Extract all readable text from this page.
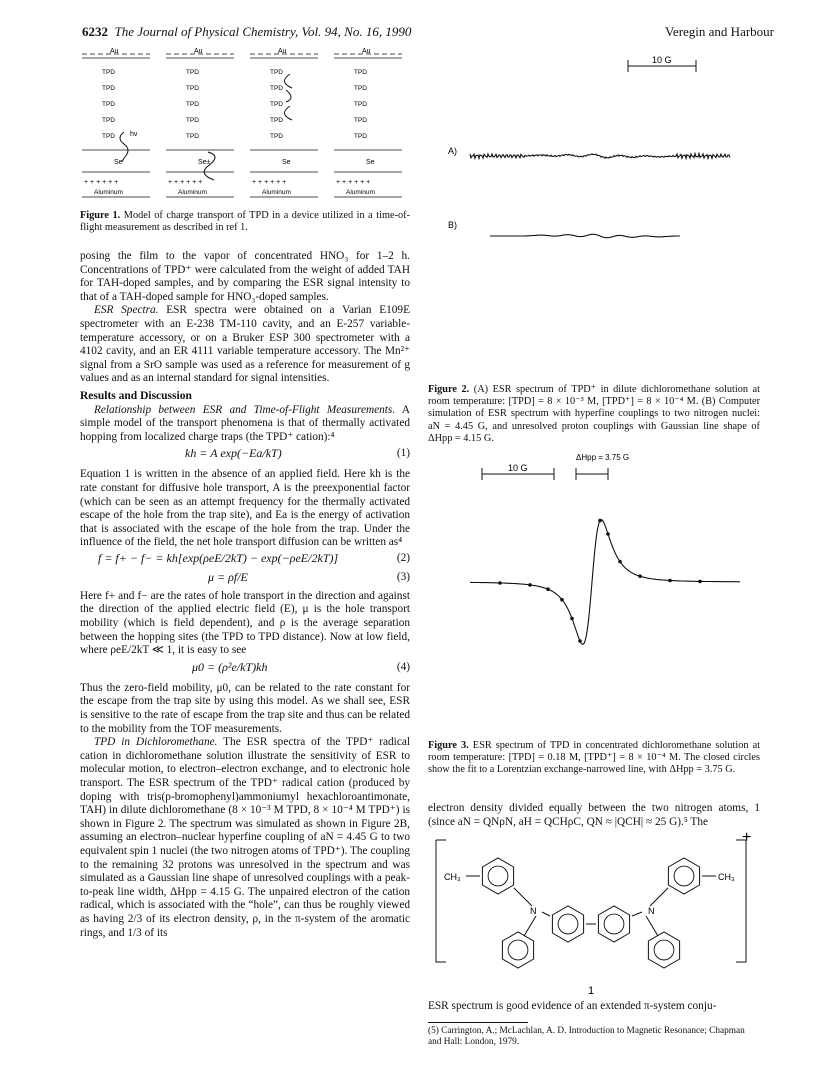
6232 The Journal of Physical Chemistry, Vol. 94, No. 16, 1990	Veregin and Harbour
Au
TPD
TPD
TPD
TPD
TPD
Se
+ + + + + +
Aluminum
Au
TPD
TPD
TPD
TPD
TPD
Se±
+ + + + + +
Aluminum
Au
TPD
TPD
TPD
TPD
TPD
Se
+ + + + + +
Aluminum
Au
TPD
TPD
TPD
TPD
TPD
Se
+ + + + + +
Aluminum
hν
Figure 1. Model of charge transport of TPD in a device utilized in a time-of-flight measurement as described in ref 1.

posing the film to the vapor of concentrated HNO₃ for 1–2 h. Concentrations of TPD⁺ were calculated from the weight of added TAH for TAH-doped samples, and by comparing the ESR signal intensity to that of a TAH-doped sample for HNO₃-doped samples.

ESR Spectra. ESR spectra were obtained on a Varian E109E spectrometer with an E-238 TM-110 cavity, and an E-257 variable-temperature accessory, or on a Bruker ESP 300 spectrometer with a 4102 cavity, and an ER 4111 variable temperature accessory. The Mn²⁺ signal from a SrO sample was used as a reference for measurement of g values and as an internal standard for signal intensities.

Results and Discussion

Relationship between ESR and Time-of-Flight Measurements. A simple model of the transport phenomena is that of thermally activated hopping from localized charge traps (the TPD⁺ cation):⁴

kh = A exp(−Ea/kT)	(1)

Equation 1 is written in the absence of an applied field. Here kh is the rate constant for diffusive hole transport, A is the preexponential factor (which can be seen as an attempt frequency for the thermally activated escape of the hole from the trap site), and Ea is the energy of activation that is associated with the escape of the hole from the trap. Under the influence of the field, the net hole transport diffusion can be written as⁴

f = f+ − f− = kh[exp(ρeE/2kT) − exp(−ρeE/2kT)]	(2)
μ = ρf/E	(3)

Here f+ and f− are the rates of hole transport in the direction and against the direction of the applied electric field (E), μ is the hole transport mobility (which is field dependent), and ρ is the average separation between the hopping sites (the TPD to TPD distance). Now at low field, where ρeE/2kT ≪ 1, it is easy to see

μ0 = (ρ²e/kT)kh	(4)

Thus the zero-field mobility, μ0, can be related to the rate constant for the escape from the trap site by using this model. As we shall see, ESR is sensitive to the rate of escape from the trap site and thus can be related to the mobility from the TOF measurements.

TPD in Dichloromethane. The ESR spectra of the TPD⁺ radical cation in dichloromethane solution illustrate the sensitivity of ESR to molecular motion, to electron–electron exchange, and to electronic hole transport. The ESR spectrum of the TPD⁺ radical cation (produced by doping with tris(p-bromophenyl)ammoniumyl hexachloroantimonate, TAH) in dilute dichloromethane (8 × 10⁻³ M TPD, 8 × 10⁻⁴ M TPD⁺) is shown in Figure 2. The spectrum was simulated as shown in Figure 2B, assuming an electron–nuclear hyperfine coupling of aN = 4.45 G to two equivalent spin 1 nuclei (the two nitrogen atoms of TPD⁺). The coupling to the remaining 32 protons was unresolved in the spectrum and was simulated as a Gaussian line shape of unresolved couplings with a peak-to-peak line width, ΔHpp = 4.15 G. The unpaired electron of the cation radical, which is associated with the “hole”, can thus be roughly viewed as having 2/3 of its electron density, ρ, in the π-system of the aromatic rings, and 1/3 of its

10 G
A)
B)
Figure 2. (A) ESR spectrum of TPD⁺ in dilute dichloromethane solution at room temperature: [TPD] = 8 × 10⁻³ M, [TPD⁺] = 8 × 10⁻⁴ M. (B) Computer simulation of ESR spectrum with hyperfine couplings to two nitrogen nuclei: aN = 4.45 G, and unresolved proton couplings with Gaussian line shape of ΔHpp = 4.15 G.
ΔHpp = 3.75 G
10 G
Figure 3. ESR spectrum of TPD in concentrated dichloromethane solution at room temperature: [TPD] = 0.18 M, [TPD⁺] = 8 × 10⁻⁴ M. The closed circles show the fit to a Lorentzian exchange-narrowed line, with ΔHpp = 3.75 G.
electron density divided equally between the two nitrogen atoms, 1 (since aN = QNρN, aH = QCHρC, QN ≈ |QCH| ≈ 25 G).⁵ The
+
CH₃	CH₃
N	N
1
ESR spectrum is good evidence of an extended π-system conju-
(5) Carrington, A.; McLachlan, A. D. Introduction to Magnetic Resonance; Chapman and Hall: London, 1979.
